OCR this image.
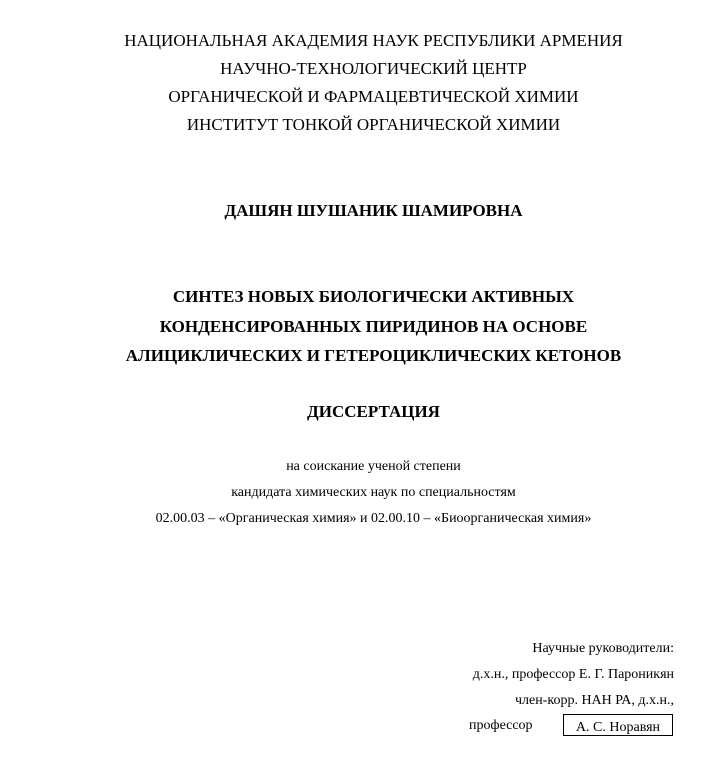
НАЦИОНАЛЬНАЯ АКАДЕМИЯ НАУК РЕСПУБЛИКИ АРМЕНИЯ
НАУЧНО-ТЕХНОЛОГИЧЕСКИЙ ЦЕНТР
ОРГАНИЧЕСКОЙ И ФАРМАЦЕВТИЧЕСКОЙ ХИМИИ
ИНСТИТУТ ТОНКОЙ ОРГАНИЧЕСКОЙ ХИМИИ
ДАШЯН ШУШАНИК ШАМИРОВНА
СИНТЕЗ НОВЫХ БИОЛОГИЧЕСКИ АКТИВНЫХ
КОНДЕНСИРОВАННЫХ ПИРИДИНОВ НА ОСНОВЕ
АЛИЦИКЛИЧЕСКИХ И ГЕТЕРОЦИКЛИЧЕСКИХ КЕТОНОВ
ДИССЕРТАЦИЯ
на соискание ученой степени
кандидата химических наук по специальностям
02.00.03 – «Органическая химия» и 02.00.10 – «Биоорганическая химия»
Научные руководители:
д.х.н., профессор Е. Г. Пароникян
член-корр. НАН РА, д.х.н.,
профессор	А. С. Норавян
